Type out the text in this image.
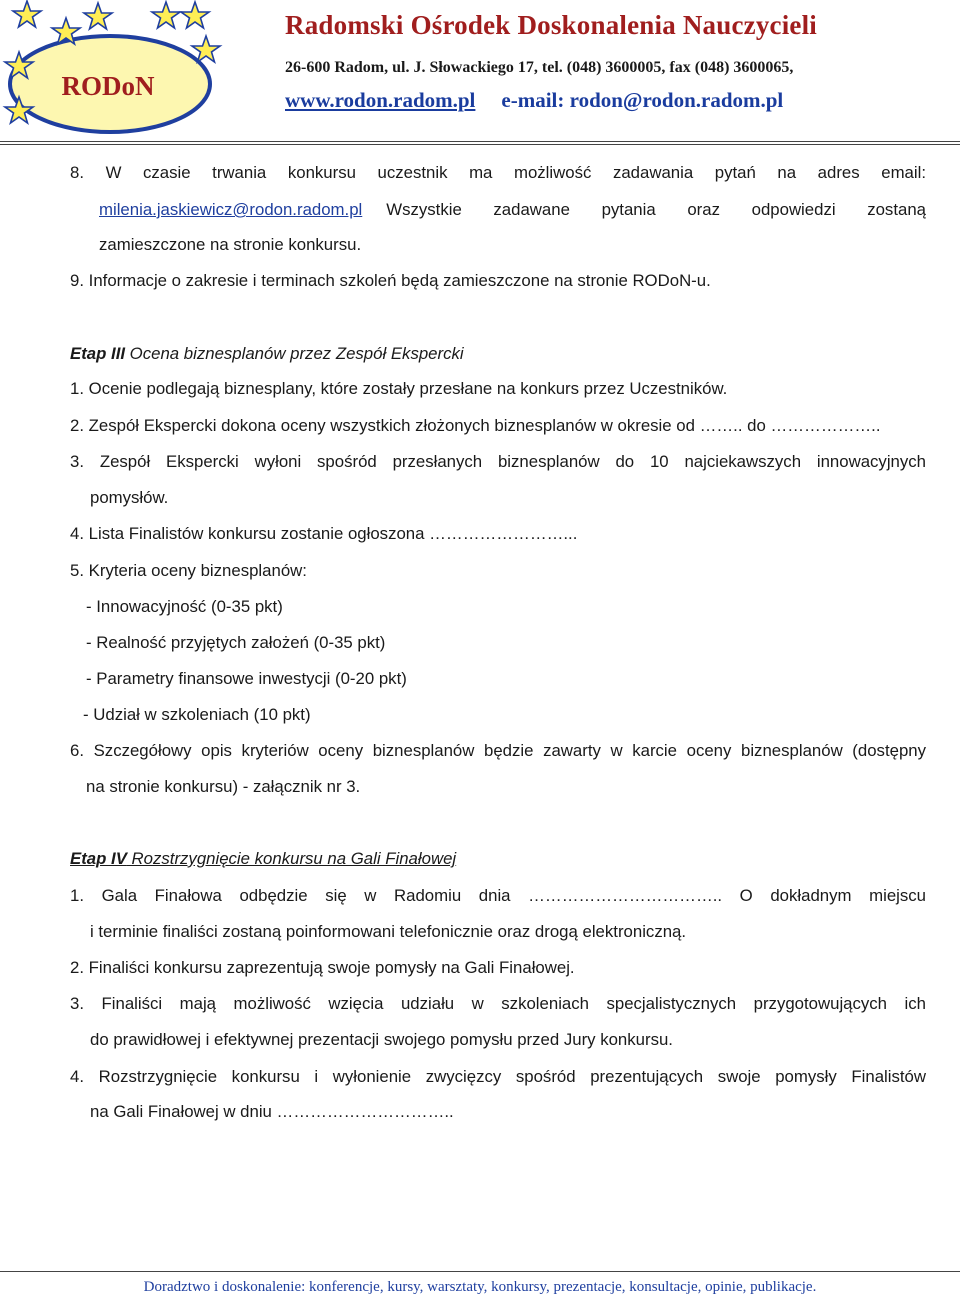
RODoN
Radomski Ośrodek Doskonalenia Nauczycieli
26-600 Radom, ul. J. Słowackiego 17, tel. (048) 3600005, fax (048) 3600065,
www.rodon.radom.pl e-mail: rodon@rodon.radom.pl
8. W czasie trwania konkursu uczestnik ma możliwość zadawania pytań na adres email:
milenia.jaskiewicz@rodon.radom.pl Wszystkie zadawane pytania oraz odpowiedzi zostaną
zamieszczone na stronie konkursu.
9. Informacje o zakresie i terminach szkoleń będą zamieszczone na stronie RODoN-u.
Etap III Ocena biznesplanów przez Zespół Ekspercki
1. Ocenie podlegają biznesplany, które zostały przesłane na konkurs przez Uczestników.
2. Zespół Ekspercki dokona oceny wszystkich złożonych biznesplanów w okresie od …….. do ………………..
3. Zespół Ekspercki wyłoni spośród przesłanych biznesplanów do 10 najciekawszych innowacyjnych
pomysłów.
4. Lista Finalistów konkursu zostanie ogłoszona ……………………...
5. Kryteria oceny biznesplanów:
- Innowacyjność (0-35 pkt)
- Realność przyjętych założeń (0-35 pkt)
- Parametry finansowe inwestycji (0-20 pkt)
- Udział w szkoleniach (10 pkt)
6. Szczegółowy opis kryteriów oceny biznesplanów będzie zawarty w karcie oceny biznesplanów (dostępny
na stronie konkursu) - załącznik nr 3.
Etap IV Rozstrzygnięcie konkursu na Gali Finałowej
1. Gala Finałowa odbędzie się w Radomiu dnia …………………………….. O dokładnym miejscu
i terminie finaliści zostaną poinformowani telefonicznie oraz drogą elektroniczną.
2. Finaliści konkursu zaprezentują swoje pomysły na Gali Finałowej.
3. Finaliści mają możliwość wzięcia udziału w szkoleniach specjalistycznych przygotowujących ich
do prawidłowej i efektywnej prezentacji swojego pomysłu przed Jury konkursu.
4. Rozstrzygnięcie konkursu i wyłonienie zwycięzcy spośród prezentujących swoje pomysły Finalistów
na Gali Finałowej w dniu …………………………..
Doradztwo i doskonalenie: konferencje, kursy, warsztaty, konkursy, prezentacje, konsultacje, opinie, publikacje.
